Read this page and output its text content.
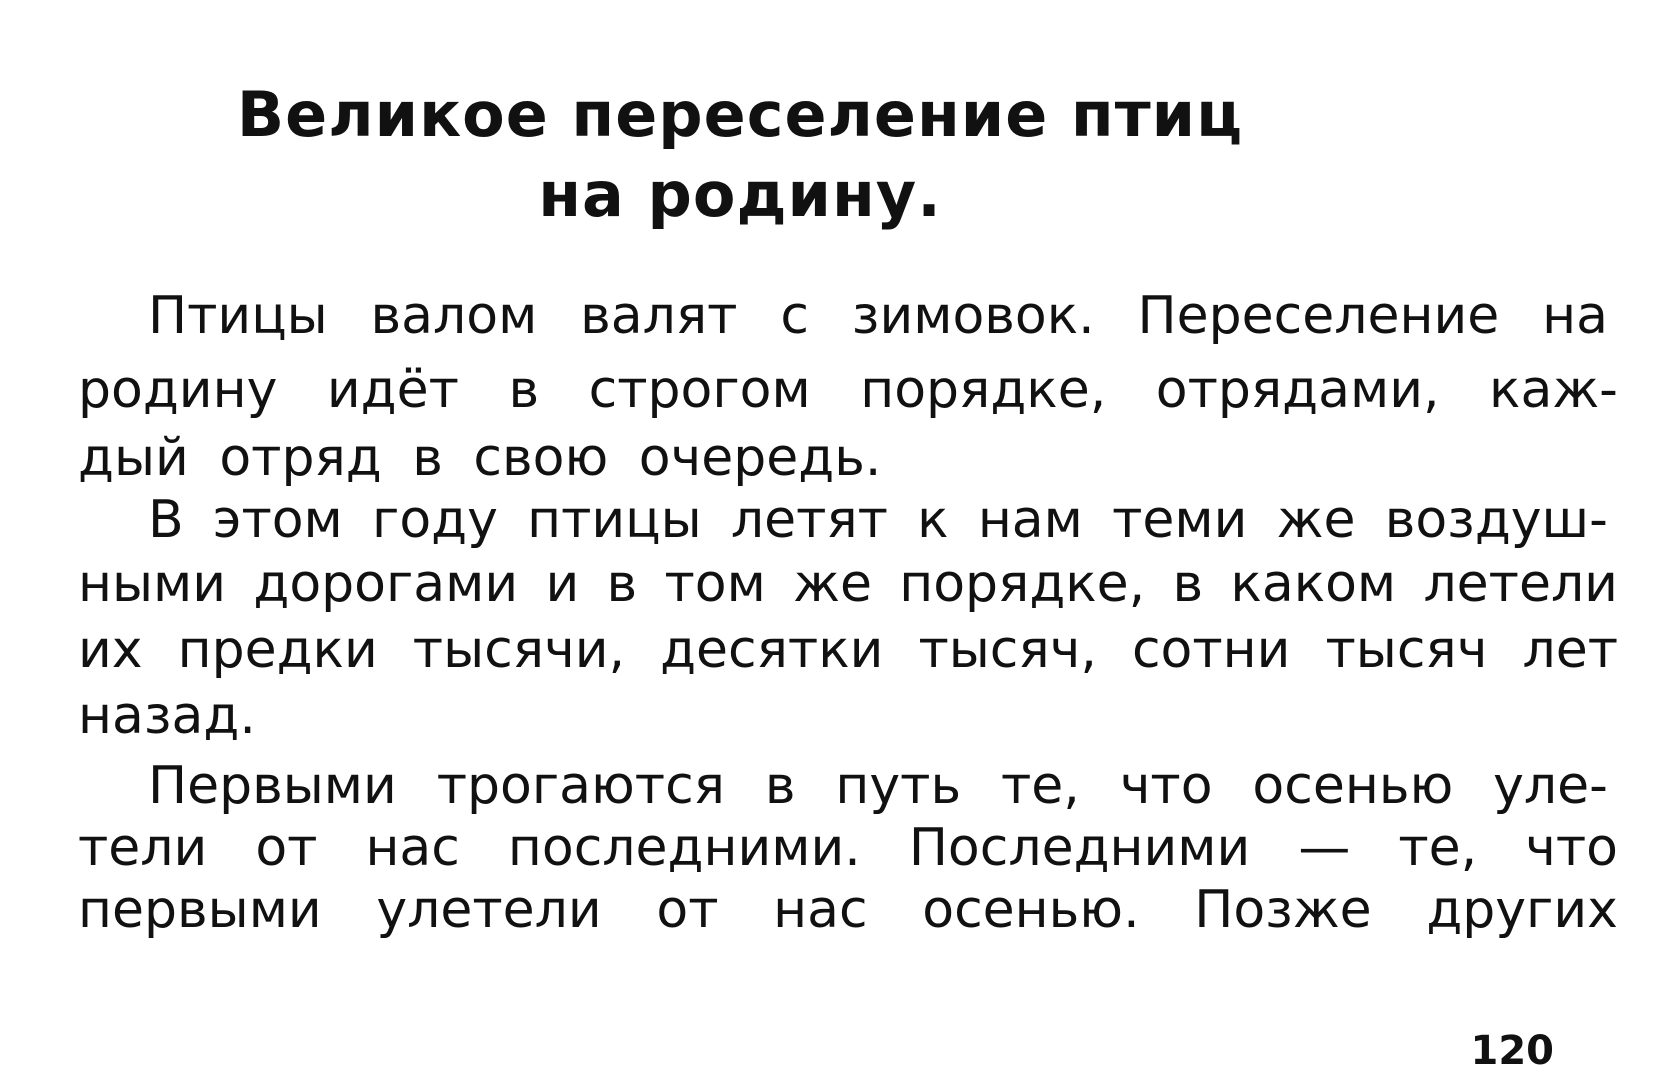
Великое переселение птиц
на родину.

Птицы валом валят с зимовок. Переселение на

родину идёт в строгом порядке, отрядами, каж-

дый отряд в свою очередь.

В этом году птицы летят к нам теми же воздуш-

ными дорогами и в том же порядке, в каком летели

их предки тысячи, десятки тысяч, сотни тысяч лет

назад.

Первыми трогаются в путь те, что осенью уле-

тели от нас последними. Последними — те, что

первыми улетели от нас осенью. Позже других

120
